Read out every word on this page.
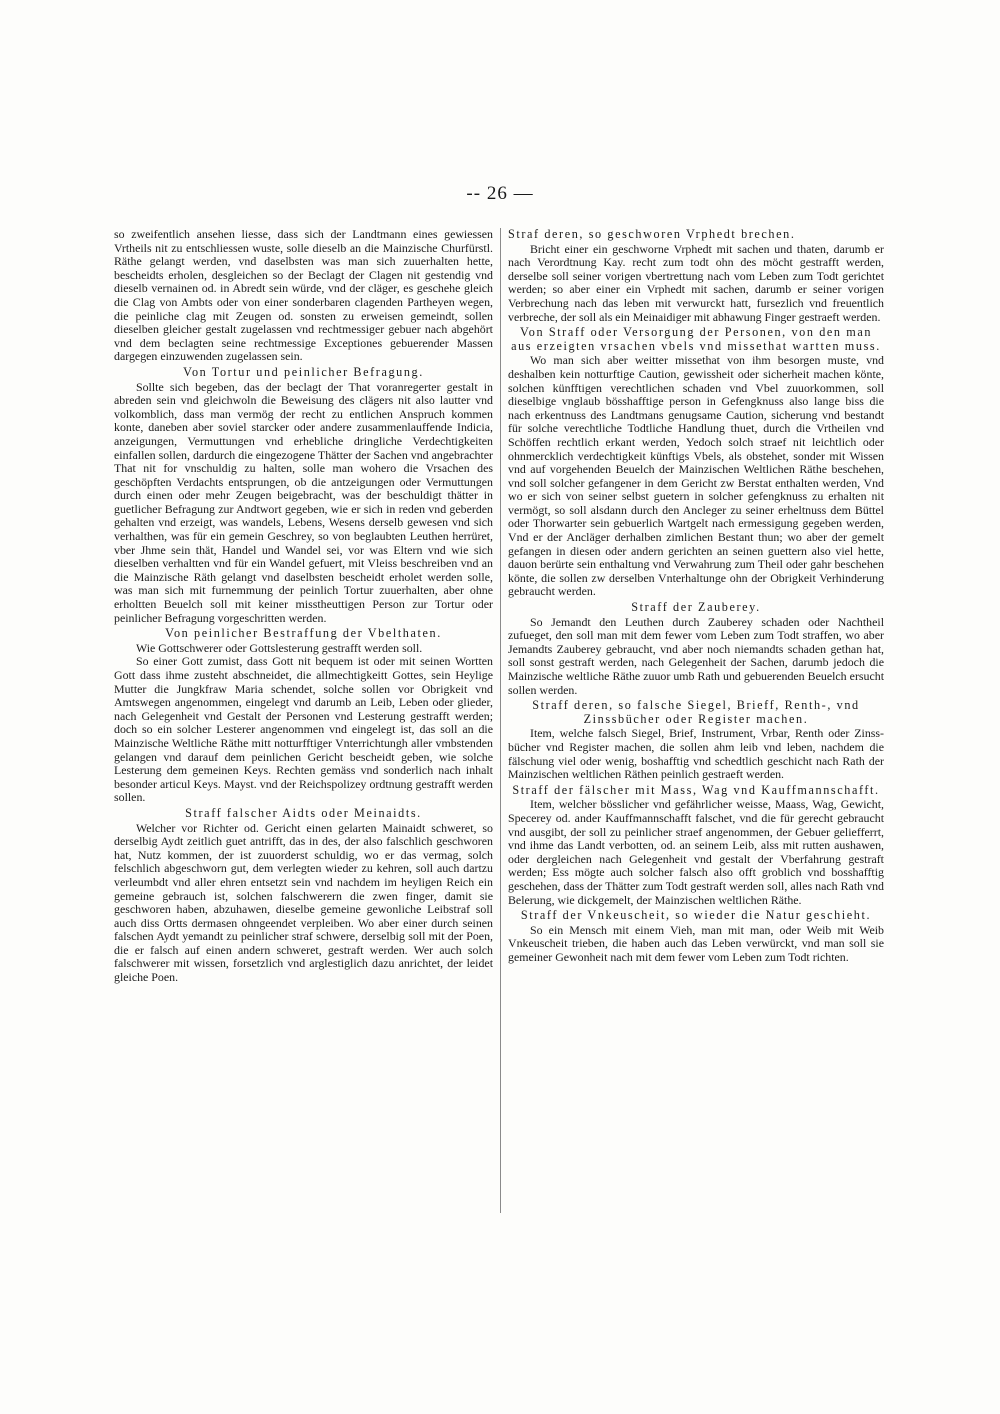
-- 26 —

so zweifentlich ansehen liesse, dass sich der Landtmann eines gewiessen Vrtheils nit zu entschliessen wuste, solle dieselb an die Mainzische Churfürstl. Räthe gelangt werden, vnd daselbsten was man sich zuuerhalten hette, bescheidts erholen, desgleichen so der Beclagt der Clagen nit gestendig vnd dieselb vernainen od. in Abredt sein würde, vnd der cläger, es geschehe gleich die Clag von Ambts oder von einer sonderbaren clagenden Partheyen wegen, die peinliche clag mit Zeugen od. sonsten zu erweisen gemeindt, sollen dieselben gleicher gestalt zugelassen vnd rechtmessiger gebuer nach abgehört vnd dem beclagten seine rechtmessige Exceptiones gebuerender Massen dargegen einzuwenden zugelassen sein.

Von Tortur und peinlicher Befragung.

Sollte sich begeben, das der beclagt der That voranregerter gestalt in abreden sein vnd gleichwoln die Beweisung des clägers nit also lautter vnd volkomblich, dass man vermög der recht zu entlichen Anspruch kommen konte, daneben aber soviel starcker oder andere zusammenlauffende Indicia, anzeigungen, Vermuttungen vnd erhebliche dringliche Verdechtigkeiten einfallen sollen, dardurch die eingezogene Thätter der Sachen vnd angebrachter That nit for vnschuldig zu halten, solle man wohero die Vrsachen des geschöpften Verdachts entsprungen, ob die antzeigungen oder Vermuttungen durch einen oder mehr Zeugen beigebracht, was der beschuldigt thätter in guetlicher Befragung zur Andtwort gegeben, wie er sich in reden vnd geberden gehalten vnd erzeigt, was wandels, Lebens, Wesens derselb gewesen vnd sich verhalthen, was für ein gemein Geschrey, so von beglaubten Leuthen herrüret, vber Jhme sein thät, Handel und Wandel sei, vor was Eltern vnd wie sich dieselben verhaltten vnd für ein Wandel gefuert, mit Vleiss beschreiben vnd an die Mainzische Räth gelangt vnd daselbsten bescheidt erholet werden solle, was man sich mit furnemmung der peinlich Tortur zuuerhalten, aber ohne erholtten Beuelch soll mit keiner misstheuttigen Person zur Tortur oder peinlicher Befragung vorgeschritten werden.

Von peinlicher Bestraffung der Vbelthaten.

Wie Gottschwerer oder Gottslesterung gestrafft werden soll.

So einer Gott zumist, dass Gott nit bequem ist oder mit seinen Wortten Gott dass ihme zusteht abschneidet, die allmechtigkeitt Gottes, sein Heylige Mutter die Jungkfraw Maria schendet, solche sollen vor Obrigkeit vnd Amtswegen angenommen, eingelegt vnd darumb an Leib, Leben oder glieder, nach Gelegenheit vnd Gestalt der Personen vnd Lesterung gestrafft werden; doch so ein solcher Lesterer angenommen vnd eingelegt ist, das soll an die Mainzische Weltliche Räthe mitt notturfftiger Vnterrichtungh aller vmbstenden gelangen vnd darauf dem peinlichen Gericht bescheidt geben, wie solche Lesterung dem gemeinen Keys. Rechten gemäss vnd sonderlich nach inhalt besonder articul Keys. Mayst. vnd der Reichspolizey ordtnung gestrafft werden sollen.

Straff falscher Aidts oder Meinaidts.

Welcher vor Richter od. Gericht einen gelarten Mainaidt schweret, so derselbig Aydt zeitlich guet antrifft, das in des, der also falschlich geschworen hat, Nutz kommen, der ist zuuorderst schuldig, wo er das vermag, solch felschlich abgeschworn gut, dem verlegten wieder zu kehren, soll auch dartzu verleumbdt vnd aller ehren entsetzt sein vnd nachdem im heyligen Reich ein gemeine gebrauch ist, solchen falschwerern die zwen finger, damit sie geschworen haben, abzuhawen, dieselbe gemeine gewonliche Leibstraf soll auch diss Ortts dermasen ohngeendet verpleiben. Wo aber einer durch seinen falschen Aydt yemandt zu peinlicher straf schwere, derselbig soll mit der Poen, die er falsch auf einen andern schweret, gestraft werden. Wer auch solch falschwerer mit wissen, forsetzlich vnd arglestiglich dazu anrichtet, der leidet gleiche Poen.

Straf deren, so geschworen Vrphedt brechen.

Bricht einer ein geschworne Vrphedt mit sachen und thaten, darumb er nach Verordtnung Kay. recht zum todt ohn des möcht gestrafft werden, derselbe soll seiner vorigen vbertrettung nach vom Leben zum Todt gerichtet werden; so aber einer ein Vrphedt mit sachen, darumb er seiner vorigen Verbrechung nach das leben mit verwurckt hatt, fursezlich vnd freuentlich verbreche, der soll als ein Meinaidiger mit abhawung Finger gestraeft werden.

Von Straff oder Versorgung der Personen, von den man aus erzeigten vrsachen vbels vnd missethat wartten muss.

Wo man sich aber weitter missethat von ihm besorgen muste, vnd deshalben kein notturftige Caution, gewissheit oder sicherheit machen könte, solchen künfftigen verechtlichen schaden vnd Vbel zuuorkommen, soll dieselbige vnglaub bösshafftige person in Gefengknuss also lange biss die nach erkentnuss des Landtmans genugsame Caution, sicherung vnd bestandt für solche verechtliche Todtliche Handlung thuet, durch die Vrtheilen vnd Schöffen rechtlich erkant werden, Yedoch solch straef nit leichtlich oder ohnmercklich verdechtigkeit künftigs Vbels, als obstehet, sonder mit Wissen vnd auf vorgehenden Beuelch der Mainzischen Weltlichen Räthe beschehen, vnd soll solcher gefangener in dem Gericht zw Berstat enthalten werden, Vnd wo er sich von seiner selbst guetern in solcher gefengknuss zu erhalten nit vermögt, so soll alsdann durch den Ancleger zu seiner erheltnuss dem Büttel oder Thorwarter sein gebuerlich Wartgelt nach ermessigung gegeben werden, Vnd er der Ancläger derhalben zimlichen Bestant thun; wo aber der gemelt gefangen in diesen oder andern gerichten an seinen guettern also viel hette, dauon berürte sein enthaltung vnd Verwahrung zum Theil oder gahr beschehen könte, die sollen zw derselben Vnterhaltunge ohn der Obrigkeit Verhinderung gebraucht werden.

Straff der Zauberey.

So Jemandt den Leuthen durch Zauberey schaden oder Nachtheil zufueget, den soll man mit dem fewer vom Leben zum Todt straffen, wo aber Jemandts Zauberey gebraucht, vnd aber noch niemandts schaden gethan hat, soll sonst gestraft werden, nach Gelegenheit der Sachen, darumb jedoch die Mainzische weltliche Räthe zuuor umb Rath und gebuerenden Beuelch ersucht sollen werden.

Straff deren, so falsche Siegel, Brieff, Renth-, vnd Zinssbücher oder Register machen.

Item, welche falsch Siegel, Brief, Instrument, Vrbar, Renth oder Zinss-bücher vnd Register machen, die sollen ahm leib vnd leben, nachdem die fälschung viel oder wenig, boshafftig vnd schedtlich geschicht nach Rath der Mainzischen weltlichen Räthen peinlich gestraeft werden.

Straff der fälscher mit Mass, Wag vnd Kauffmannschafft.

Item, welcher bösslicher vnd gefährlicher weisse, Maass, Wag, Gewicht, Specerey od. ander Kauffmannschafft falschet, vnd die für gerecht gebraucht vnd ausgibt, der soll zu peinlicher straef angenommen, der Gebuer geliefferrt, vnd ihme das Landt verbotten, od. an seinem Leib, alss mit rutten aushawen, oder dergleichen nach Gelegenheit vnd gestalt der Vberfahrung gestraft werden; Ess mögte auch solcher falsch also offt groblich vnd bosshafftig geschehen, dass der Thätter zum Todt gestraft werden soll, alles nach Rath vnd Belerung, wie dickgemelt, der Mainzischen weltlichen Räthe.

Straff der Vnkeuscheit, so wieder die Natur geschieht.

So ein Mensch mit einem Vieh, man mit man, oder Weib mit Weib Vnkeuscheit trieben, die haben auch das Leben verwürckt, vnd man soll sie gemeiner Gewonheit nach mit dem fewer vom Leben zum Todt richten.
